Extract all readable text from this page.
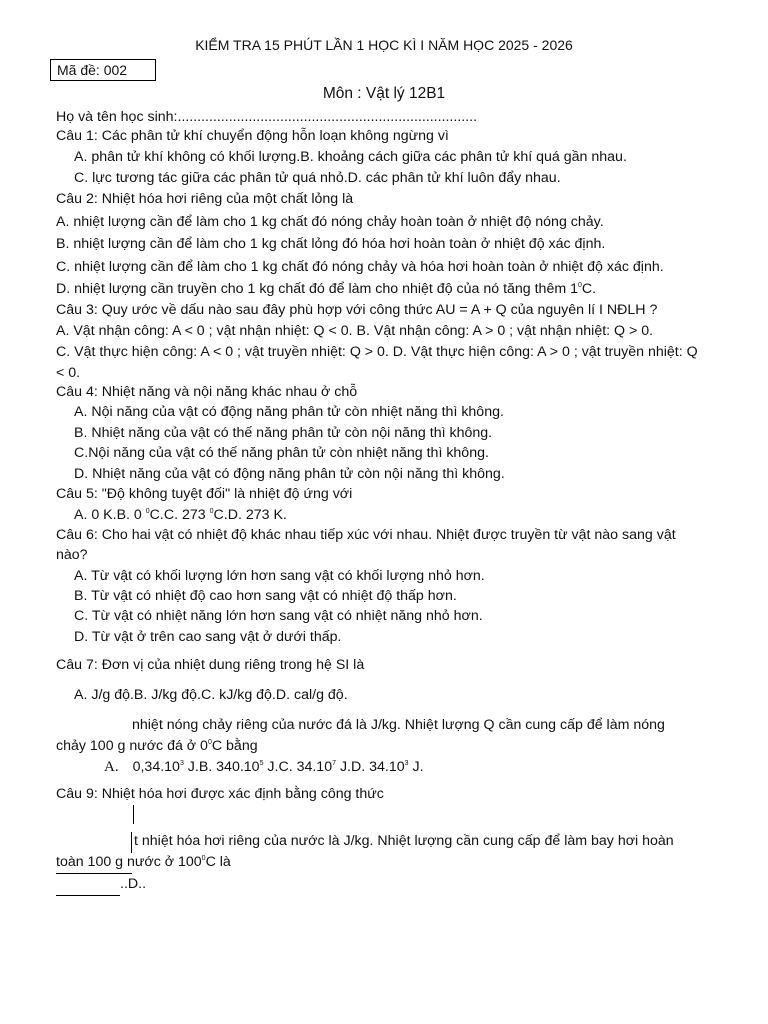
KIỂM TRA 15 PHÚT LẦN 1 HỌC KÌ I NĂM HỌC 2025 - 2026
Mã đề: 002
Môn : Vật lý 12B1
Họ và tên học sinh:............................................................................
Câu 1: Các phân tử khí chuyển động hỗn loạn không ngừng vì
A. phân tử khí không có khối lượng.B. khoảng cách giữa các phân tử khí quá gần nhau.
C. lực tương tác giữa các phân tử quá nhỏ.D. các phân tử khí luôn đẩy nhau.
Câu 2: Nhiệt hóa hơi riêng của một chất lỏng là
A. nhiệt lượng cần để làm cho 1 kg chất đó nóng chảy hoàn toàn ở nhiệt độ nóng chảy.
B. nhiệt lượng cần để làm cho 1 kg chất lỏng đó hóa hơi hoàn toàn ở nhiệt độ xác định.
C. nhiệt lượng cần để làm cho 1 kg chất đó nóng chảy và hóa hơi hoàn toàn ở nhiệt độ xác định.
D. nhiệt lượng cần truyền cho 1 kg chất đó để làm cho nhiệt độ của nó tăng thêm $1^0C$.
Câu 3: Quy ước về dấu nào sau đây phù hợp với công thức AU = A + Q của nguyên lí I NĐLH ?
A. Vật nhận công: A < 0 ; vật nhận nhiệt: Q < 0. B. Vật nhận công: A > 0 ; vật nhận nhiệt: Q > 0.
C. Vật thực hiện công: A < 0 ; vật truyền nhiệt: Q > 0. D. Vật thực hiện công: A > 0 ; vật truyền nhiệt: Q
< 0.
Câu 4: Nhiệt năng và nội năng khác nhau ở chỗ
A. Nội năng của vật có động năng phân tử còn nhiệt năng thì không.
B. Nhiệt năng của vật có thế năng phân tử còn nội năng thì không.
C.Nội năng của vật có thế năng phân tử còn nhiệt năng thì không.
D. Nhiệt năng của vật có động năng phân tử còn nội năng thì không.
Câu 5: "Độ không tuyệt đối" là nhiệt độ ứng với
A. 0 K.B. 0 $^0$C.C. 273 $^0$C.D. 273 K.
Câu 6: Cho hai vật có nhiệt độ khác nhau tiếp xúc với nhau. Nhiệt được truyền từ vật nào sang vật
nào?
A. Từ vật có khối lượng lớn hơn sang vật có khối lượng nhỏ hơn.
B. Từ vật có nhiệt độ cao hơn sang vật có nhiệt độ thấp hơn.
C. Từ vật có nhiệt năng lớn hơn sang vật có nhiệt năng nhỏ hơn.
D. Từ vật ở trên cao sang vật ở dưới thấp.
Câu 7: Đơn vị của nhiệt dung riêng trong hệ SI là
A. J/g độ.B. J/kg độ.C. kJ/kg độ.D. cal/g độ.
nhiệt nóng chảy riêng của nước đá là J/kg. Nhiệt lượng Q cần cung cấp để làm nóng
chảy 100 g nước đá ở $0^0C$ bằng
A. 0,34.10$^3$ J.B. 340.10$^5$ J.C. 34.10$^7$ J.D. 34.10$^3$ J.
Câu 9: Nhiệt hóa hơi được xác định bằng công thức
t nhiệt hóa hơi riêng của nước là J/kg. Nhiệt lượng cần cung cấp để làm bay hơi hoàn
toàn 100 g nước ở $100^0C$ là
..D..
